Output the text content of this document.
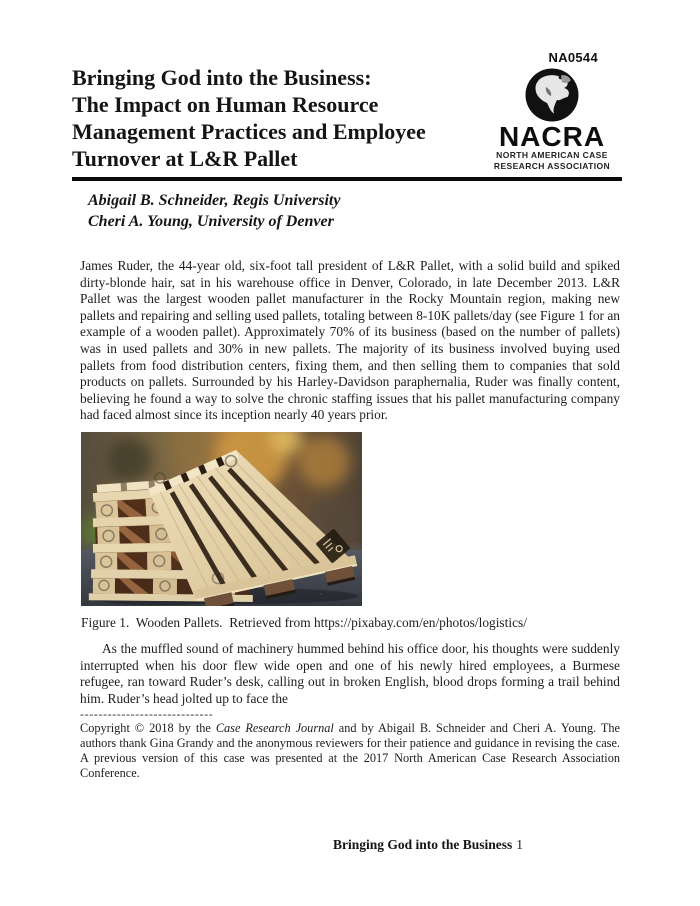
NA0544
Bringing God into the Business:
The Impact on Human Resource
Management Practices and Employee
Turnover at L&R Pallet
NACRA
NORTH AMERICAN CASE
RESEARCH ASSOCIATION
Abigail B. Schneider, Regis University
Cheri A. Young, University of Denver

James Ruder, the 44-year old, six-foot tall president of L&R Pallet, with a solid build and spiked dirty-blonde hair, sat in his warehouse office in Denver, Colorado, in late December 2013. L&R Pallet was the largest wooden pallet manufacturer in the Rocky Mountain region, making new pallets and repairing and selling used pallets, totaling between 8-10K pallets/day (see Figure 1 for an example of a wooden pallet). Approximately 70% of its business (based on the number of pallets) was in used pallets and 30% in new pallets. The majority of its business involved buying used pallets from food distribution centers, fixing them, and then selling them to companies that sold products on pallets. Surrounded by his Harley-Davidson paraphernalia, Ruder was finally content, believing he found a way to solve the chronic staffing issues that his pallet manufacturing company had faced almost since its inception nearly 40 years prior.

Figure 1.  Wooden Pallets.  Retrieved from https://pixabay.com/en/photos/logistics/

As the muffled sound of machinery hummed behind his office door, his thoughts were suddenly interrupted when his door flew wide open and one of his newly hired employees, a Burmese refugee, ran toward Ruder’s desk, calling out in broken English, blood drops forming a trail behind him. Ruder’s head jolted up to face the

-----------------------------

Copyright © 2018 by the Case Research Journal and by Abigail B. Schneider and Cheri A. Young. The authors thank Gina Grandy and the anonymous reviewers for their patience and guidance in revising the case. A previous version of this case was presented at the 2017 North American Case Research Association Conference.

Bringing God into the Business 1
